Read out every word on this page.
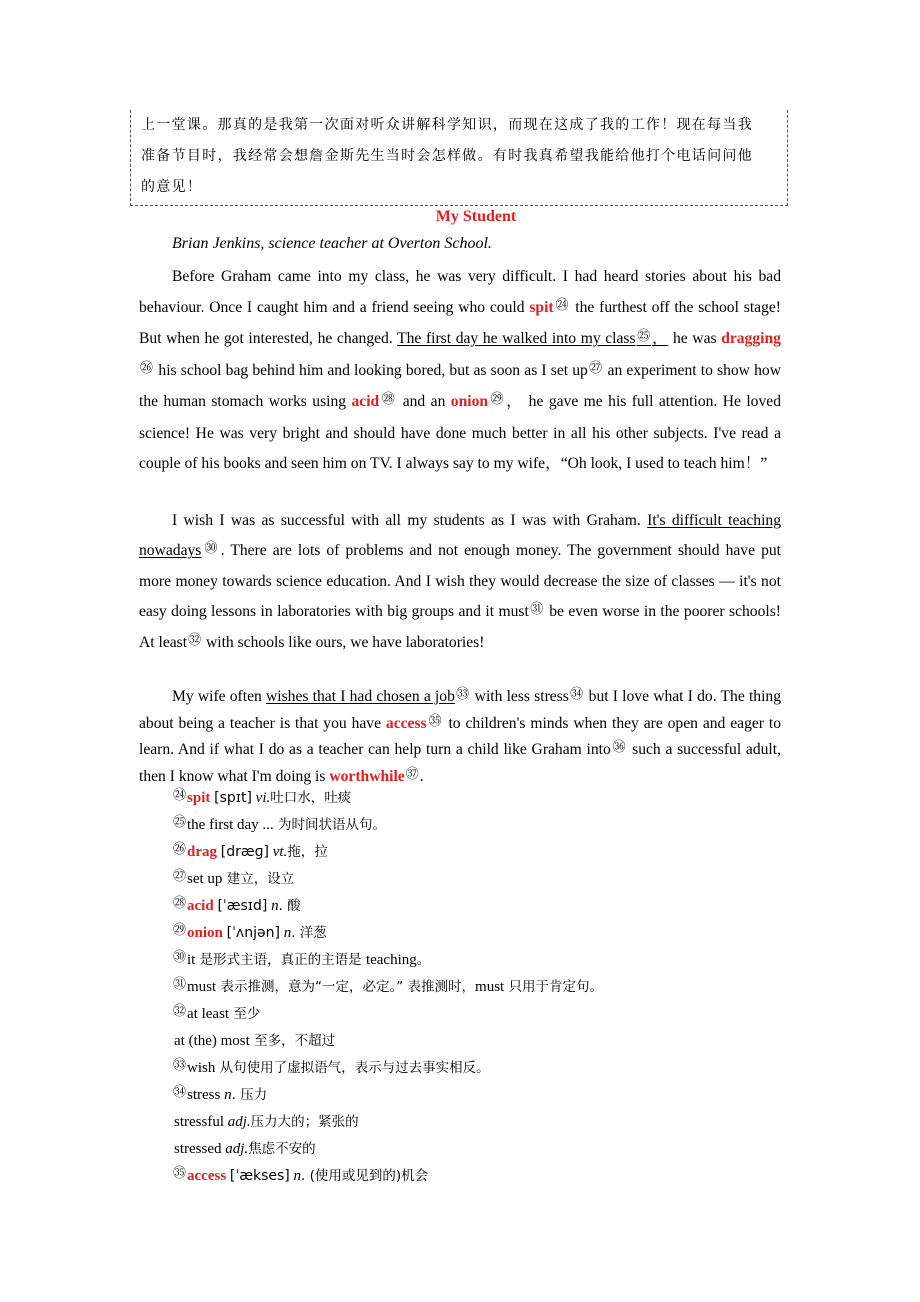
上一堂课。那真的是我第一次面对听众讲解科学知识，而现在这成了我的工作！现在每当我
准备节目时，我经常会想詹金斯先生当时会怎样做。有时我真希望我能给他打个电话问问他
的意见！
My Student
Brian Jenkins, science teacher at Overton School.
Before Graham came into my class, he was very difficult. I had heard stories about his bad behaviour. Once I caught him and a friend seeing who could spit㉔ the furthest off the school stage! But when he got interested, he changed. The first day he walked into my class㉕， he was dragging㉖ his school bag behind him and looking bored, but as soon as I set up㉗ an experiment to show how the human stomach works using acid㉘ and an onion㉙， he gave me his full attention. He loved science! He was very bright and should have done much better in all his other subjects. I've read a couple of his books and seen him on TV. I always say to my wife，“Oh look, I used to teach him！”
I wish I was as successful with all my students as I was with Graham. It's difficult teaching nowadays㉚. There are lots of problems and not enough money. The government should have put more money towards science education. And I wish they would decrease the size of classes — it's not easy doing lessons in laboratories with big groups and it must㉛ be even worse in the poorer schools! At least㉜ with schools like ours, we have laboratories!
My wife often wishes that I had chosen a job㉝ with less stress㉞ but I love what I do. The thing about being a teacher is that you have access㉟ to children's minds when they are open and eager to learn. And if what I do as a teacher can help turn a child like Graham into㊱ such a successful adult, then I know what I'm doing is worthwhile㊲.
㉔spit [spɪt] vi.吐口水，吐痰
㉕the first day ... 为时间状语从句。
㉖drag [dræɡ] vt.拖，拉
㉗set up 建立，设立
㉘acid [ˈæsɪd] n. 酸
㉙onion [ˈʌnjən] n. 洋葱
㉚it 是形式主语，真正的主语是 teaching。
㉛must 表示推测，意为“一定，必定。” 表推测时，must 只用于肯定句。
㉜at least 至少
at (the) most 至多，不超过
㉝wish 从句使用了虚拟语气，表示与过去事实相反。
㉞stress n. 压力
stressful adj.压力大的；紧张的
stressed adj.焦虑不安的
㉟access [ˈækses] n. (使用或见到的)机会
